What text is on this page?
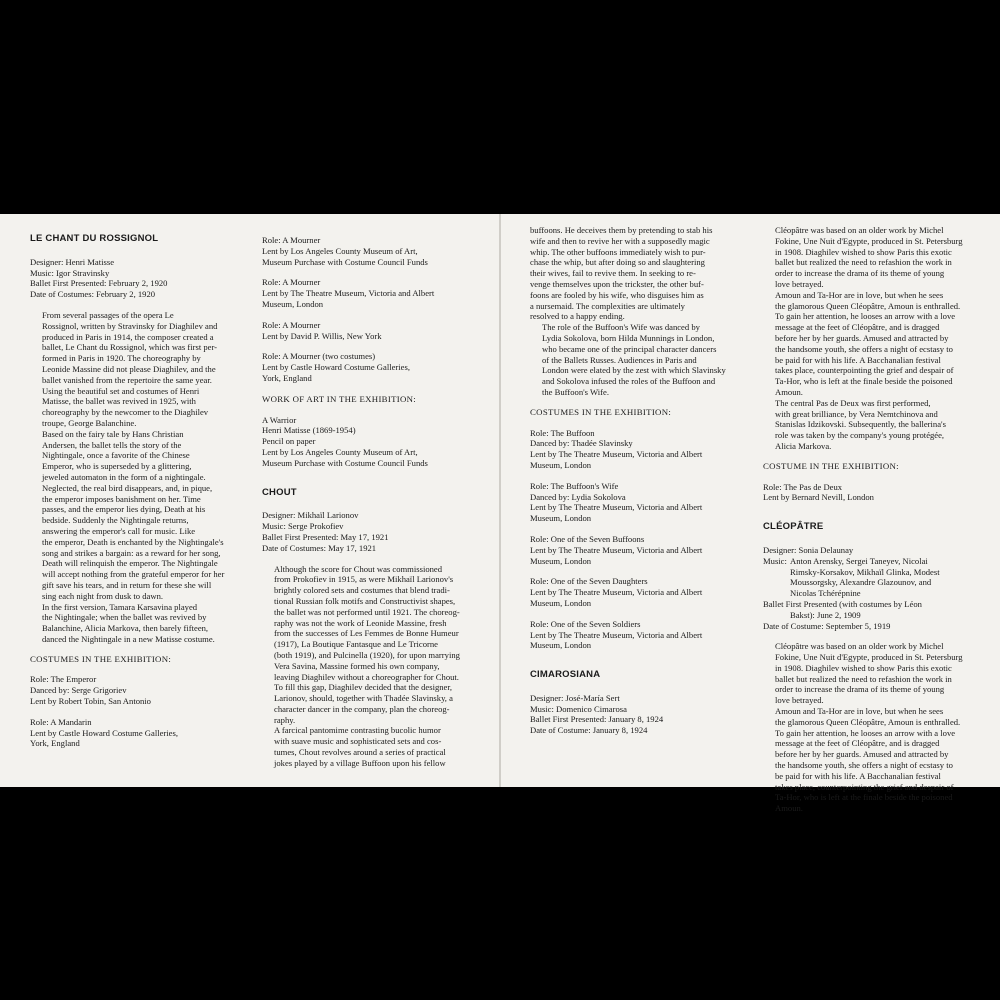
LE CHANT DU ROSSIGNOL
Designer: Henri Matisse
Music: Igor Stravinsky
Ballet First Presented: February 2, 1920
Date of Costumes: February 2, 1920

From several passages of the opera Le
Rossignol, written by Stravinsky for Diaghilev and
produced in Paris in 1914, the composer created a
ballet, Le Chant du Rossignol, which was first per-
formed in Paris in 1920. The choreography by
Leonide Massine did not please Diaghilev, and the
ballet vanished from the repertoire the same year.
Using the beautiful set and costumes of Henri
Matisse, the ballet was revived in 1925, with
choreography by the newcomer to the Diaghilev
troupe, George Balanchine.

Based on the fairy tale by Hans Christian
Andersen, the ballet tells the story of the
Nightingale, once a favorite of the Chinese
Emperor, who is superseded by a glittering,
jeweled automaton in the form of a nightingale.
Neglected, the real bird disappears, and, in pique,
the emperor imposes banishment on her. Time
passes, and the emperor lies dying, Death at his
bedside. Suddenly the Nightingale returns,
answering the emperor's call for music. Like
the emperor, Death is enchanted by the Nightingale's
song and strikes a bargain: as a reward for her song,
Death will relinquish the emperor. The Nightingale
will accept nothing from the grateful emperor for her
gift save his tears, and in return for these she will
sing each night from dusk to dawn.

In the first version, Tamara Karsavina played
the Nightingale; when the ballet was revived by
Balanchine, Alicia Markova, then barely fifteen,
danced the Nightingale in a new Matisse costume.

COSTUMES IN THE EXHIBITION:
Role: The Emperor
Danced by: Serge Grigoriev
Lent by Robert Tobin, San Antonio
Role: A Mandarin
Lent by Castle Howard Costume Galleries,
York, England
Role: A Mourner
Lent by Los Angeles County Museum of Art,
Museum Purchase with Costume Council Funds
Role: A Mourner
Lent by The Theatre Museum, Victoria and Albert
Museum, London
Role: A Mourner
Lent by David P. Willis, New York
Role: A Mourner (two costumes)
Lent by Castle Howard Costume Galleries,
York, England
WORK OF ART IN THE EXHIBITION:
A Warrior
Henri Matisse (1869-1954)
Pencil on paper
Lent by Los Angeles County Museum of Art,
Museum Purchase with Costume Council Funds
CHOUT
Designer: Mikhaïl Larionov
Music: Serge Prokofiev
Ballet First Presented: May 17, 1921
Date of Costumes: May 17, 1921

Although the score for Chout was commissioned
from Prokofiev in 1915, as were Mikhaïl Larionov's
brightly colored sets and costumes that blend tradi-
tional Russian folk motifs and Constructivist shapes,
the ballet was not performed until 1921. The choreog-
raphy was not the work of Leonide Massine, fresh
from the successes of Les Femmes de Bonne Humeur
(1917), La Boutique Fantasque and Le Tricorne
(both 1919), and Pulcinella (1920), for upon marrying
Vera Savina, Massine formed his own company,
leaving Diaghilev without a choreographer for Chout.
To fill this gap, Diaghilev decided that the designer,
Larionov, should, together with Thadée Slavinsky, a
character dancer in the company, plan the choreog-
raphy.

A farcical pantomime contrasting bucolic humor
with suave music and sophisticated sets and cos-
tumes, Chout revolves around a series of practical
jokes played by a village Buffoon upon his fellow

buffoons. He deceives them by pretending to stab his
wife and then to revive her with a supposedly magic
whip. The other buffoons immediately wish to pur-
chase the whip, but after doing so and slaughtering
their wives, fail to revive them. In seeking to re-
venge themselves upon the trickster, the other buf-
foons are fooled by his wife, who disguises him as
a nursemaid. The complexities are ultimately
resolved to a happy ending.

The role of the Buffoon's Wife was danced by
Lydia Sokolova, born Hilda Munnings in London,
who became one of the principal character dancers
of the Ballets Russes. Audiences in Paris and
London were elated by the zest with which Slavinsky
and Sokolova infused the roles of the Buffoon and
the Buffoon's Wife.

COSTUMES IN THE EXHIBITION:
Role: The Buffoon
Danced by: Thadée Slavinsky
Lent by The Theatre Museum, Victoria and Albert
Museum, London
Role: The Buffoon's Wife
Danced by: Lydia Sokolova
Lent by The Theatre Museum, Victoria and Albert
Museum, London
Role: One of the Seven Buffoons
Lent by The Theatre Museum, Victoria and Albert
Museum, London
Role: One of the Seven Daughters
Lent by The Theatre Museum, Victoria and Albert
Museum, London
Role: One of the Seven Soldiers
Lent by The Theatre Museum, Victoria and Albert
Museum, London
CIMAROSIANA
Designer: José-María Sert
Music: Domenico Cimarosa
Ballet First Presented: January 8, 1924
Date of Costume: January 8, 1924

Cléopâtre was based on an older work by Michel
Fokine, Une Nuit d'Egypte, produced in St. Petersburg
in 1908. Diaghilev wished to show Paris this exotic
ballet but realized the need to refashion the work in
order to increase the drama of its theme of young
love betrayed.

Amoun and Ta-Hor are in love, but when he sees
the glamorous Queen Cléopâtre, Amoun is enthralled.
To gain her attention, he looses an arrow with a love
message at the feet of Cléopâtre, and is dragged
before her by her guards. Amused and attracted by
the handsome youth, she offers a night of ecstasy to
be paid for with his life. A Bacchanalian festival
takes place, counterpointing the grief and despair of
Ta-Hor, who is left at the finale beside the poisoned
Amoun.

The central Pas de Deux was first performed,
with great brilliance, by Vera Nemtchinova and
Stanislas Idzikovski. Subsequently, the ballerina's
role was taken by the company's young protégée,
Alicia Markova.

COSTUME IN THE EXHIBITION:
Role: The Pas de Deux
Lent by Bernard Nevill, London
CLÉOPÂTRE
Designer: Sonia Delaunay
Music: Anton Arensky, Sergei Taneyev, Nicolai
Rimsky-Korsakov, Mikhaïl Glinka, Modest
Moussorgsky, Alexandre Glazounov, and
Nicolas Tchérépnine
Ballet First Presented (with costumes by Léon
Bakst): June 2, 1909
Date of Costume: September 5, 1919

Cléopâtre was based on an older work by Michel
Fokine, Une Nuit d'Egypte, produced in St. Petersburg
in 1908. Diaghilev wished to show Paris this exotic
ballet but realized the need to refashion the work in
order to increase the drama of its theme of young
love betrayed.

Amoun and Ta-Hor are in love, but when he sees
the glamorous Queen Cléopâtre, Amoun is enthralled.
To gain her attention, he looses an arrow with a love
message at the feet of Cléopâtre, and is dragged
before her by her guards. Amused and attracted by
the handsome youth, she offers a night of ecstasy to
be paid for with his life. A Bacchanalian festival
takes place, counterpointing the grief and despair of
Ta-Hor, who is left at the finale beside the poisoned
Amoun.
